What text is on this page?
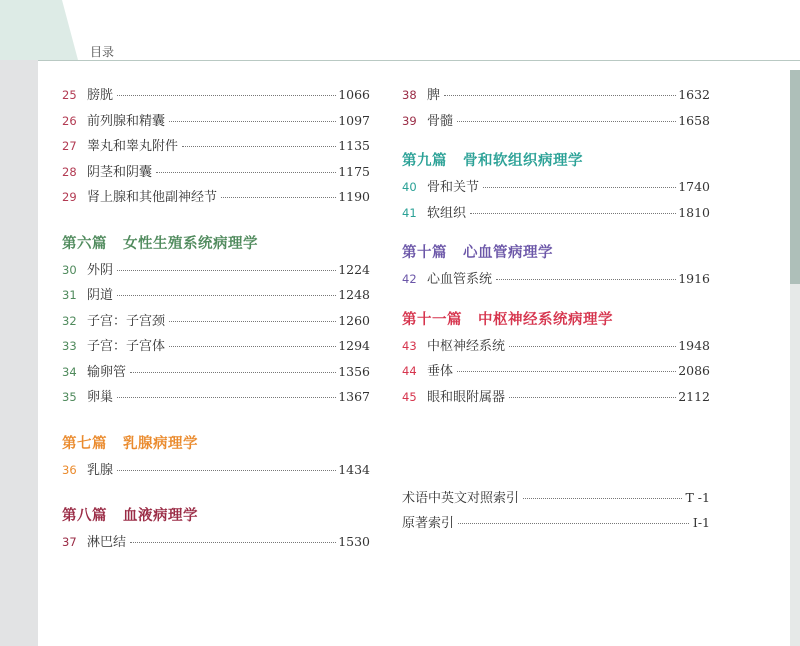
目录
25 膀胱	1066
26 前列腺和精囊	1097
27 睾丸和睾丸附件	1135
28 阴茎和阴囊	1175
29 肾上腺和其他副神经节	1190
第六篇 女性生殖系统病理学
30 外阴	1224
31 阴道	1248
32 子宫：子宫颈	1260
33 子宫：子宫体	1294
34 输卵管	1356
35 卵巢	1367
第七篇 乳腺病理学
36 乳腺	1434
第八篇 血液病理学
37 淋巴结	1530
38 脾	1632
39 骨髓	1658
第九篇 骨和软组织病理学
40 骨和关节	1740
41 软组织	1810
第十篇 心血管病理学
42 心血管系统	1916
第十一篇 中枢神经系统病理学
43 中枢神经系统	1948
44 垂体	2086
45 眼和眼附属器	2112
术语中英文对照索引	T -1
原著索引	I-1
